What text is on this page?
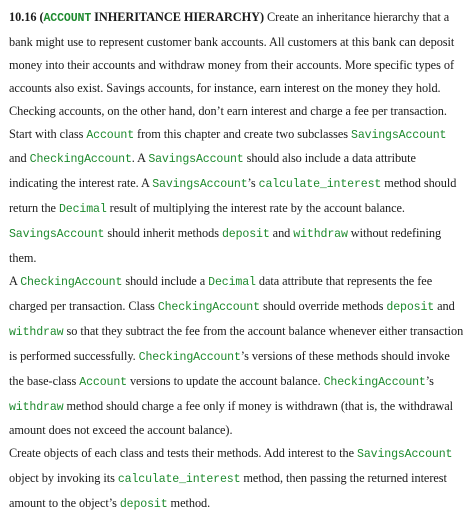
10.16 (ACCOUNT INHERITANCE HIERARCHY) Create an inheritance hierarchy that a bank might use to represent customer bank accounts. All customers at this bank can deposit money into their accounts and withdraw money from their accounts. More specific types of accounts also exist. Savings accounts, for instance, earn interest on the money they hold. Checking accounts, on the other hand, don’t earn interest and charge a fee per transaction.

Start with class Account from this chapter and create two subclasses SavingsAccount and CheckingAccount. A SavingsAccount should also include a data attribute indicating the interest rate. A SavingsAccount’s calculate_interest method should return the Decimal result of multiplying the interest rate by the account balance. SavingsAccount should inherit methods deposit and withdraw without redefining them.

A CheckingAccount should include a Decimal data attribute that represents the fee charged per transaction. Class CheckingAccount should override methods deposit and withdraw so that they subtract the fee from the account balance whenever either transaction is performed successfully. CheckingAccount’s versions of these methods should invoke the base-class Account versions to update the account balance. CheckingAccount’s withdraw method should charge a fee only if money is withdrawn (that is, the withdrawal amount does not exceed the account balance).

Create objects of each class and tests their methods. Add interest to the SavingsAccount object by invoking its calculate_interest method, then passing the returned interest amount to the object’s deposit method.
